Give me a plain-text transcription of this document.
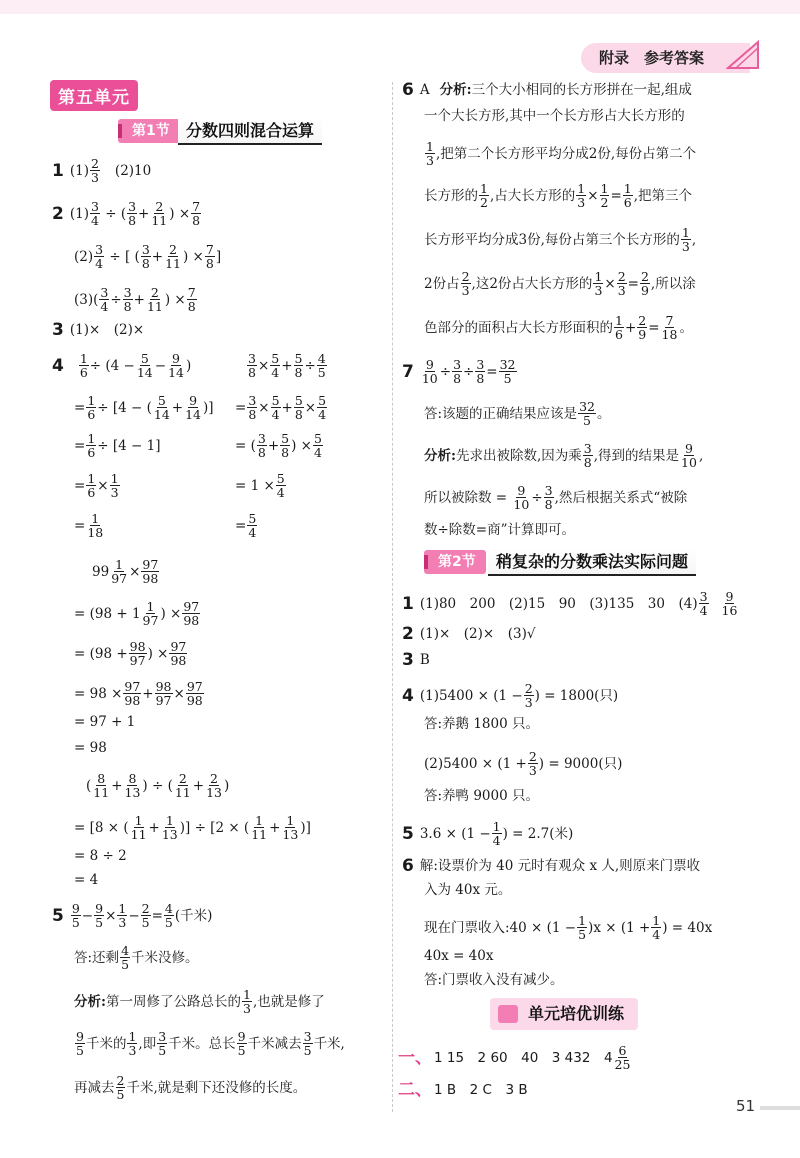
附录　参考答案
第五单元
第1节	分数四则混合运算
1 (1) 2
3 (2)10
2 (1) 3
4 ÷ ( 3
8 + 2
11 ) × 7
8
(2) 3
4 ÷ [ ( 3
8 + 2
11 ) × 7
8 ]
(3) ( 3
4 ÷ 3
8 + 2
11 ) × 7
8
3 (1)×　(2)×
4 1
6 ÷ (4 − 5
14 − 9
14 )
= 1
6 ÷ [4 − ( 5
14 + 9
14 )]
= 1
6 ÷ [4 − 1]
= 1
6 × 1
3
= 1
18
3
8 × 5
4 + 5
8 ÷ 4
5
= 3
8 × 5
4 + 5
8 × 5
4
= ( 3
8 + 5
8 ) × 5
4
= 1 × 5
4
= 5
4
99 1
97 × 97
98
= (98 + 1 1
97 ) × 97
98
= (98 + 98
97 ) × 97
98
= 98 × 97
98 + 98
97 × 97
98
= 97 + 1
= 98
( 8
11 + 8
13 ) ÷ ( 2
11 + 2
13 )
= [8 × ( 1
11 + 1
13 )] ÷ [2 × ( 1
11 + 1
13 )]
= 8 ÷ 2
= 4
5 9
5 − 9
5 × 1
3 − 2
5 = 4
5 (千米)
答:还剩 4
5 千米没修。
分析: 第一周修了公路总长的 1
3 ,也就是修了
9
5 千米的 1
3 ,即 3
5 千米。总长 9
5 千米减去 3
5 千米,
再减去 2
5 千米,就是剩下还没修的长度。
6 A 分析: 三个大小相同的长方形拼在一起,组成
一个大长方形,其中一个长方形占大长方形的
1
3 ,把第二个长方形平均分成2份,每份占第二个
长方形的 1
2 ,占大长方形的 1
3 × 1
2 = 1
6 ,把第三个
长方形平均分成3份,每份占第三个长方形的 1
3 ,
2份占 2
3 ,这2份占大长方形的 1
3 × 2
3 = 2
9 ,所以涂
色部分的面积占大长方形面积的 1
6 + 2
9 = 7
18 。
7 9
10 ÷ 3
8 ÷ 3
8 = 32
5
答:该题的正确结果应该是 32
5 。
分析: 先求出被除数,因为乘 3
8 ,得到的结果是 9
10 ,
所以被除数 =
$\frac{9}{10} \div 3$
8 ,然后根据关系式“被除
数÷除数=商”计算即可。
第2节	稍复杂的分数乘法实际问题
1 (1)80　200　(2)15　90　(3)135　30　(4) 3
4
9
16
2 (1)×　(2)×　(3)√
3 B
4 $(1)5400 \times (1 - \frac{2}{3}$ ) = 1800(只)
答:养鹅 1800 只。
$(2)5400 \times (1 + \frac{2}{3}$ ) = 9000(只)
答:养鸭 9000 只。
5 $3.6 \times (1 - \frac{1}{4}$ ) = 2.7(米)
6 解:设票价为 40 元时有观众 x 人,则原来门票收
入为 40x 元。
现在门票收入:40 × $(1 - \frac{1}{5} )x \times (1 + \frac{1}{4}$ ) = 40x
40x = 40x
答:门票收入没有减少。
单元培优训练
一、 1 15　2 60　40　3 432　4 6
25
二、 1 B　2 C　3 B
51
